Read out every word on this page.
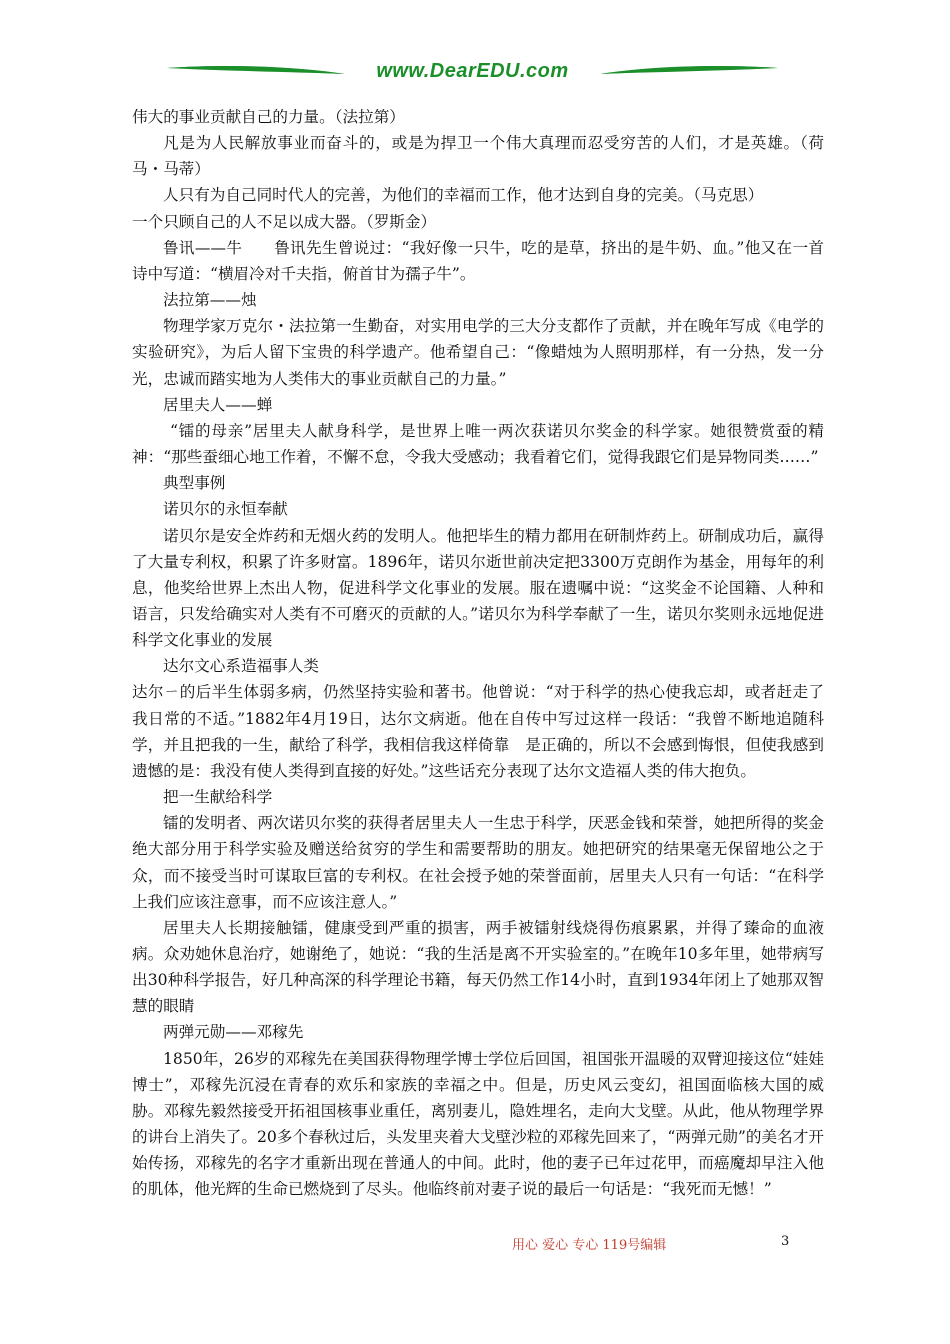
www.DearEDU.com

伟大的事业贡献自己的力量。（法拉第）

凡是为人民解放事业而奋斗的，或是为捍卫一个伟大真理而忍受穷苦的人们，才是英雄。（荷马・马蒂）

人只有为自己同时代人的完善，为他们的幸福而工作，他才达到自身的完美。（马克思）

一个只顾自己的人不足以成大器。（罗斯金）

鲁讯——牛　　鲁讯先生曾说过：“我好像一只牛，吃的是草，挤出的是牛奶、血。”他又在一首诗中写道：“横眉冷对千夫指，俯首甘为孺子牛”。

法拉第——烛

物理学家万克尔・法拉第一生勤奋，对实用电学的三大分支都作了贡献，并在晚年写成《电学的实验研究》，为后人留下宝贵的科学遗产。他希望自己：“像蜡烛为人照明那样，有一分热，发一分光，忠诚而踏实地为人类伟大的事业贡献自己的力量。”

居里夫人——蝉

“镭的母亲”居里夫人献身科学，是世界上唯一两次获诺贝尔奖金的科学家。她很赞赏蚕的精神：“那些蚕细心地工作着，不懈不怠，令我大受感动；我看着它们，觉得我跟它们是异物同类……”

典型事例

诺贝尔的永恒奉献

诺贝尔是安全炸药和无烟火药的发明人。他把毕生的精力都用在研制炸药上。研制成功后，赢得了大量专利权，积累了许多财富。1896年，诺贝尔逝世前决定把3300万克朗作为基金，用每年的利息，他奖给世界上杰出人物，促进科学文化事业的发展。服在遗嘱中说：“这奖金不论国籍、人种和语言，只发给确实对人类有不可磨灭的贡献的人。”诺贝尔为科学奉献了一生，诺贝尔奖则永远地促进科学文化事业的发展

达尔文心系造福事人类

达尔ㄧ的后半生体弱多病，仍然坚持实验和著书。他曾说：“对于科学的热心使我忘却，或者赶走了我日常的不适。”1882年4月19日，达尔文病逝。他在自传中写过这样一段话：“我曾不断地追随科学，并且把我的一生，献给了科学，我相信我这样倚靠　是正确的，所以不会感到悔恨，但使我感到遗憾的是：我没有使人类得到直接的好处。”这些话充分表现了达尔文造福人类的伟大抱负。

把一生献给科学

镭的发明者、两次诺贝尔奖的获得者居里夫人一生忠于科学，厌恶金钱和荣誉，她把所得的奖金绝大部分用于科学实验及赠送给贫穷的学生和需要帮助的朋友。她把研究的结果毫无保留地公之于众，而不接受当时可谋取巨富的专利权。在社会授予她的荣誉面前，居里夫人只有一句话：“在科学上我们应该注意事，而不应该注意人。”

居里夫人长期接触镭，健康受到严重的损害，两手被镭射线烧得伤痕累累，并得了臻命的血液病。众劝她休息治疗，她谢绝了，她说：“我的生活是离不开实验室的。”在晚年10多年里，她带病写出30种科学报告，好几种高深的科学理论书籍，每天仍然工作14小时，直到1934年闭上了她那双智慧的眼睛

两弹元勋——邓稼先

1850年，26岁的邓稼先在美国获得物理学博士学位后回国，祖国张开温暖的双臂迎接这位“娃娃博士”，邓稼先沉浸在青春的欢乐和家族的幸福之中。但是，历史风云变幻，祖国面临核大国的威胁。邓稼先毅然接受开拓祖国核事业重任，离别妻儿，隐姓埋名，走向大戈壁。从此，他从物理学界的讲台上消失了。20多个春秋过后，头发里夹着大戈壁沙粒的邓稼先回来了，“两弹元勋”的美名才开始传扬，邓稼先的名字才重新出现在普通人的中间。此时，他的妻子已年过花甲，而癌魔却早注入他的肌体，他光辉的生命已燃烧到了尽头。他临终前对妻子说的最后一句话是：“我死而无憾！”

用心 爱心 专心 119号编辑	3
